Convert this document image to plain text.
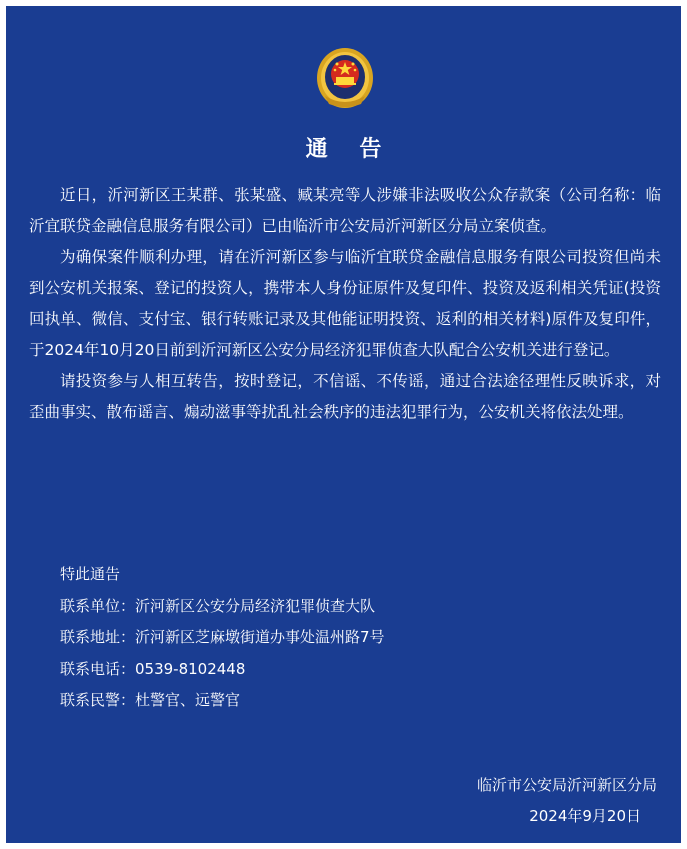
通 告

近日，沂河新区王某群、张某盛、臧某亮等人涉嫌非法吸收公众存款案（公司名称：临沂宜联贷金融信息服务有限公司）已由临沂市公安局沂河新区分局立案侦查。

为确保案件顺利办理，请在沂河新区参与临沂宜联贷金融信息服务有限公司投资但尚未到公安机关报案、登记的投资人，携带本人身份证原件及复印件、投资及返利相关凭证(投资回执单、微信、支付宝、银行转账记录及其他能证明投资、返利的相关材料)原件及复印件，于2024年10月20日前到沂河新区公安分局经济犯罪侦查大队配合公安机关进行登记。

请投资参与人相互转告，按时登记，不信谣、不传谣，通过合法途径理性反映诉求，对歪曲事实、散布谣言、煽动滋事等扰乱社会秩序的违法犯罪行为，公安机关将依法处理。

特此通告
联系单位：沂河新区公安分局经济犯罪侦查大队
联系地址：沂河新区芝麻墩街道办事处温州路7号
联系电话：0539-8102448
联系民警：杜警官、远警官
临沂市公安局沂河新区分局
2024年9月20日
